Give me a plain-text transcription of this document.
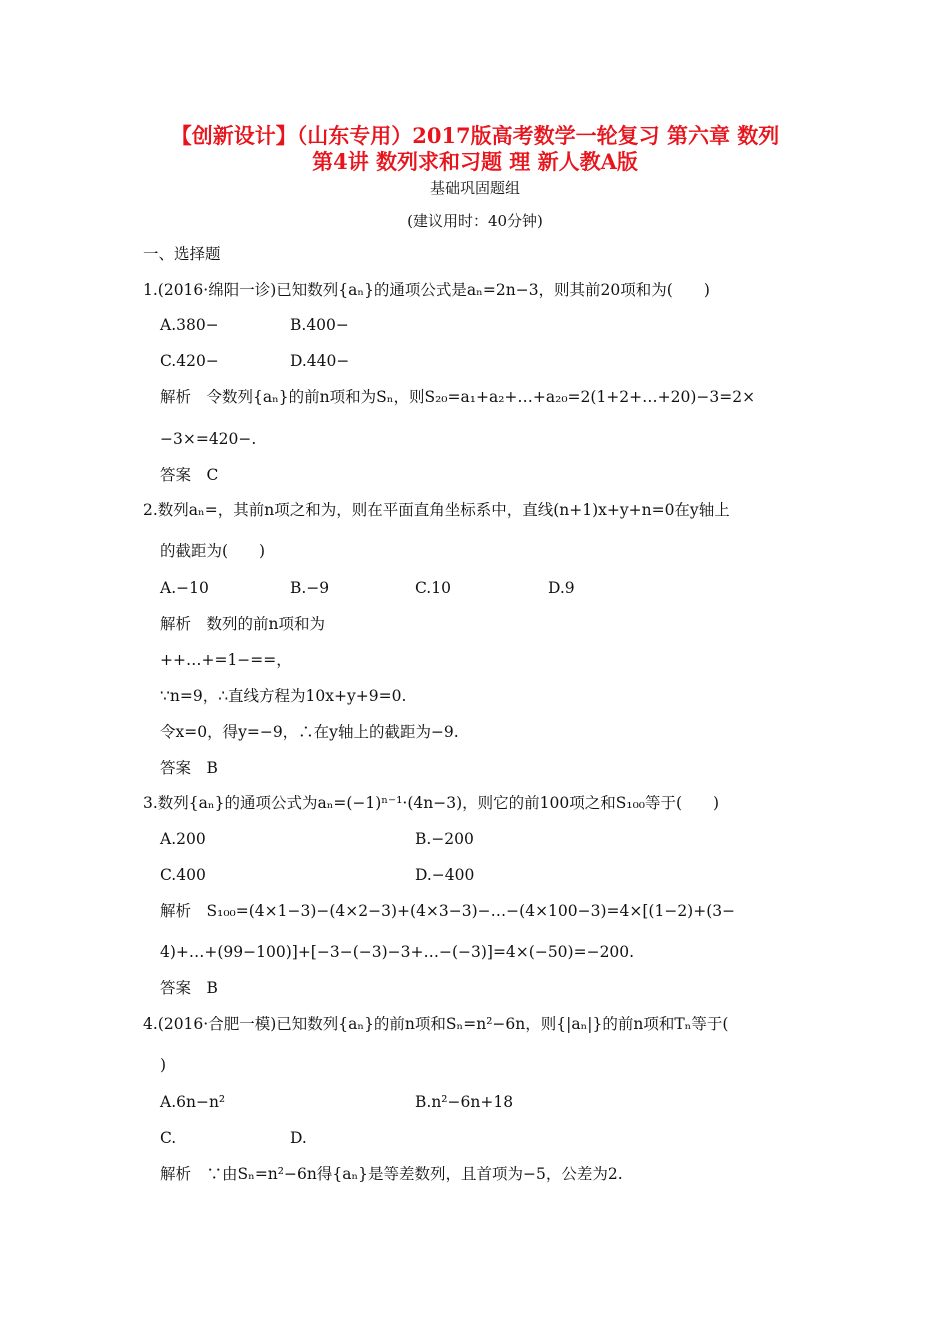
【创新设计】（山东专用）2017版高考数学一轮复习 第六章 数列
第4讲 数列求和习题 理 新人教A版
基础巩固题组
(建议用时：40分钟)
一、选择题
1.(2016·绵阳一诊)已知数列{aₙ}的通项公式是aₙ=2n−3，则其前20项和为(　　)
A.380−	B.400−
C.420−	D.440−
解析　令数列{aₙ}的前n项和为Sₙ，则S₂₀=a₁+a₂+…+a₂₀=2(1+2+…+20)−3=2×
−3×=420−.
答案　C
2.数列aₙ=，其前n项之和为，则在平面直角坐标系中，直线(n+1)x+y+n=0在y轴上
的截距为(　　)
A.−10	B.−9	C.10	D.9
解析　数列的前n项和为
++…+=1−==，
∵n=9，∴直线方程为10x+y+9=0.
令x=0，得y=−9，∴在y轴上的截距为−9.
答案　B
3.数列{aₙ}的通项公式为aₙ=(−1)ⁿ⁻¹·(4n−3)，则它的前100项之和S₁₀₀等于(　　)
A.200	B.−200
C.400	D.−400
解析　S₁₀₀=(4×1−3)−(4×2−3)+(4×3−3)−…−(4×100−3)=4×[(1−2)+(3−
4)+…+(99−100)]+[−3−(−3)−3+…−(−3)]=4×(−50)=−200.
答案　B
4.(2016·合肥一模)已知数列{aₙ}的前n项和Sₙ=n²−6n，则{|aₙ|}的前n项和Tₙ等于(
)
A.6n−n²	B.n²−6n+18
C.	D.
解析　∵由Sₙ=n²−6n得{aₙ}是等差数列，且首项为−5，公差为2.
